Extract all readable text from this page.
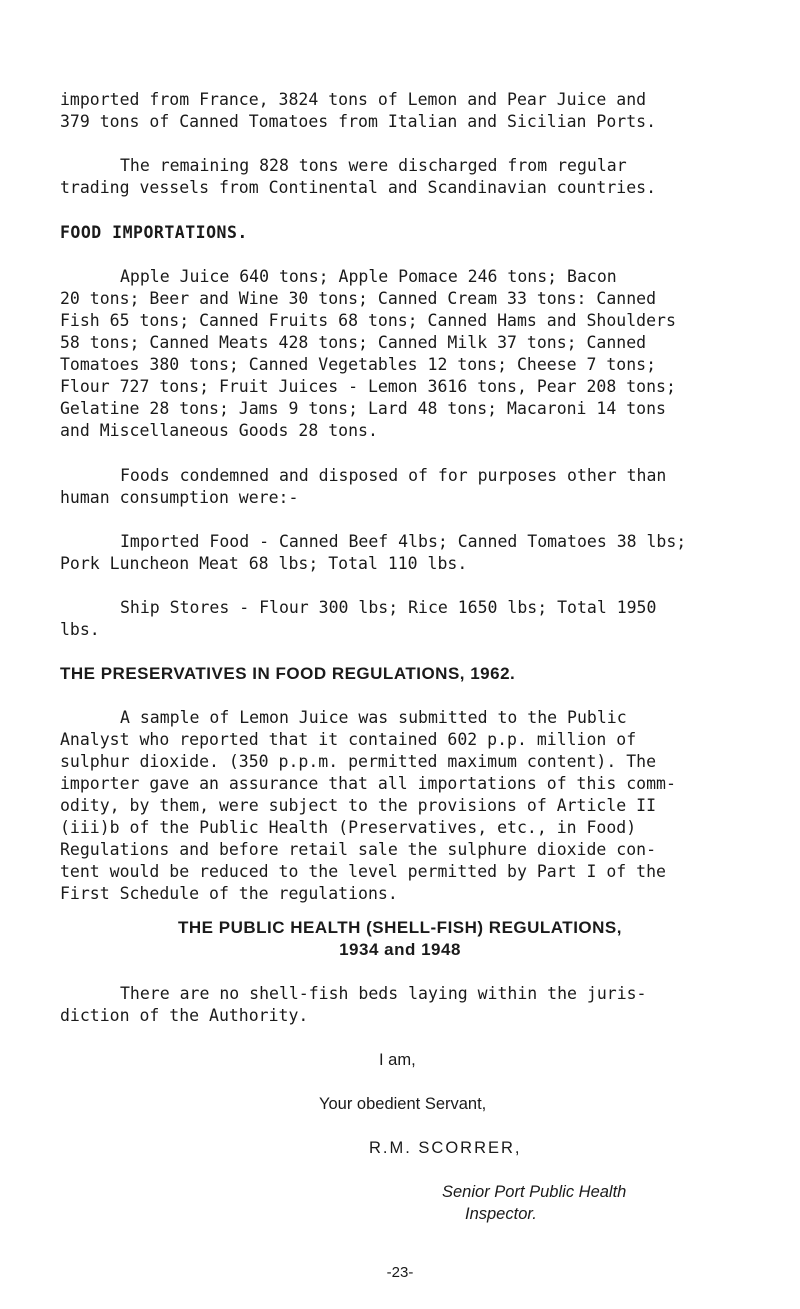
imported from France, 3824 tons of Lemon and Pear Juice and
379 tons of Canned Tomatoes from Italian and Sicilian Ports.

The remaining 828 tons were discharged from regular
trading vessels from Continental and Scandinavian countries.

FOOD IMPORTATIONS.

Apple Juice 640 tons; Apple Pomace 246 tons; Bacon
20 tons; Beer and Wine 30 tons; Canned Cream 33 tons: Canned
Fish 65 tons; Canned Fruits 68 tons; Canned Hams and Shoulders
58 tons; Canned Meats 428 tons; Canned Milk 37 tons; Canned
Tomatoes 380 tons; Canned Vegetables 12 tons; Cheese 7 tons;
Flour 727 tons; Fruit Juices - Lemon 3616 tons, Pear 208 tons;
Gelatine 28 tons; Jams 9 tons; Lard 48 tons; Macaroni 14 tons
and Miscellaneous Goods 28 tons.

Foods condemned and disposed of for purposes other than
human consumption were:-

Imported Food - Canned Beef 4lbs; Canned Tomatoes 38 lbs;
Pork Luncheon Meat 68 lbs; Total 110 lbs.

Ship Stores - Flour 300 lbs; Rice 1650 lbs; Total 1950
lbs.

THE PRESERVATIVES IN FOOD REGULATIONS, 1962.

A sample of Lemon Juice was submitted to the Public
Analyst who reported that it contained 602 p.p. million of
sulphur dioxide. (350 p.p.m. permitted maximum content). The
importer gave an assurance that all importations of this comm-
odity, by them, were subject to the provisions of Article II
(iii)b of the Public Health (Preservatives, etc., in Food)
Regulations and before retail sale the sulphure dioxide con-
tent would be reduced to the level permitted by Part I of the
First Schedule of the regulations.

THE PUBLIC HEALTH (SHELL-FISH) REGULATIONS,

1934 and 1948

There are no shell-fish beds laying within the juris-
diction of the Authority.

I am,

Your obedient Servant,

R.M. SCORRER,

Senior Port Public Health

Inspector.

-23-
